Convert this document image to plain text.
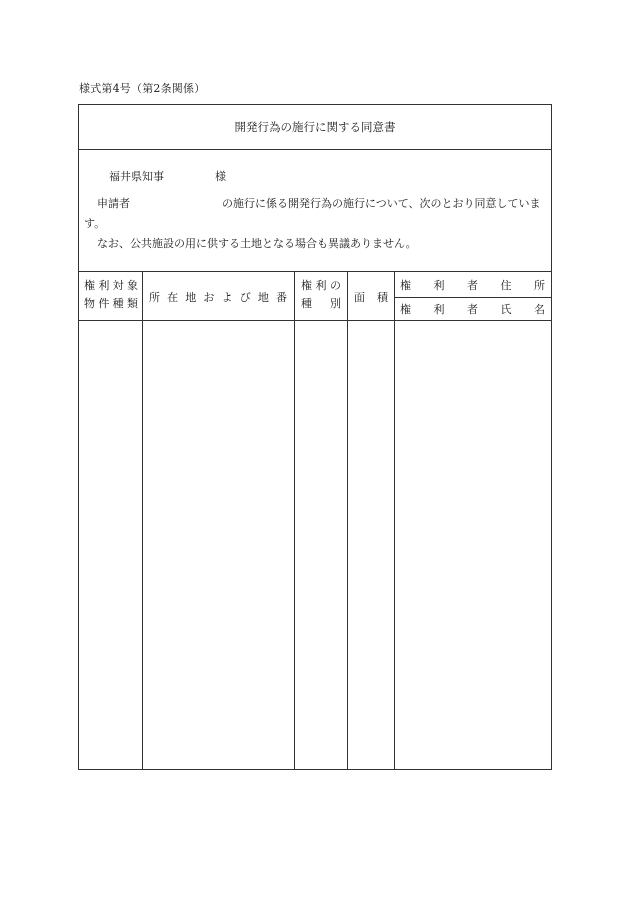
様式第4号（第2条関係）
開発行為の施行に関する同意書
福井県知事	様

申請者	の施行に係る開発行為の施行について、次のとおり同意しています。

なお、公共施設の用に供する土地となる場合も異議ありません。

権 利 対 象
物 件 種 類 所在地および地番
権利の
種別 面積
権利者住所
権利者氏名
